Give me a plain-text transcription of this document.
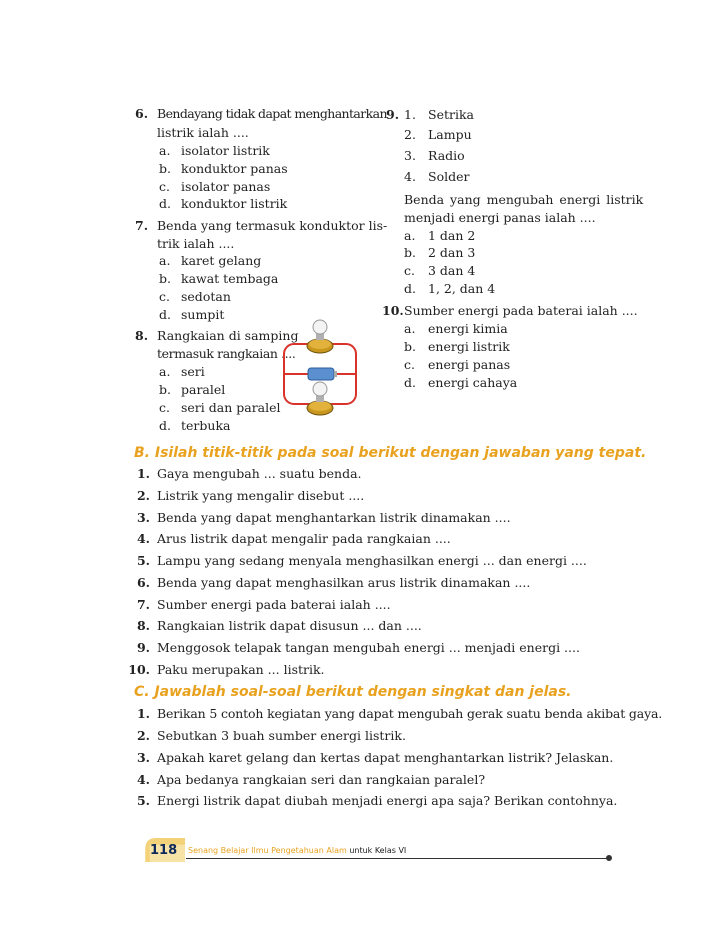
6. Bendayang tidak dapat menghantarkan
listrik ialah ....
a. isolator listrik
b. konduktor panas
c. isolator panas
d. konduktor listrik
7. Benda yang termasuk konduktor lis-
trik ialah ....
a. karet gelang
b. kawat tembaga
c. sedotan
d. sumpit
8. Rangkaian di samping
termasuk rangkaian ....
a. seri
b. paralel
c. seri dan paralel
d. terbuka
9. 1. Setrika
2. Lampu
3. Radio
4. Solder
Benda yang mengubah energi listrik
menjadi energi panas ialah ....
a. 1 dan 2
b. 2 dan 3
c. 3 dan 4
d. 1, 2, dan 4
10. Sumber energi pada baterai ialah ....
a. energi kimia
b. energi listrik
c. energi panas
d. energi cahaya
B. Isilah titik-titik pada soal berikut dengan jawaban yang tepat.
1. Gaya mengubah ... suatu benda.
2. Listrik yang mengalir disebut ....
3. Benda yang dapat menghantarkan listrik dinamakan ....
4. Arus listrik dapat mengalir pada rangkaian ....
5. Lampu yang sedang menyala menghasilkan energi ... dan energi ....
6. Benda yang dapat menghasilkan arus listrik dinamakan ....
7. Sumber energi pada baterai ialah ....
8. Rangkaian listrik dapat disusun ... dan ....
9. Menggosok telapak tangan mengubah energi ... menjadi energi ....
10. Paku merupakan ... listrik.
C. Jawablah soal-soal berikut dengan singkat dan jelas.
1. Berikan 5 contoh kegiatan yang dapat mengubah gerak suatu benda akibat gaya.
2. Sebutkan 3 buah sumber energi listrik.
3. Apakah karet gelang dan kertas dapat menghantarkan listrik? Jelaskan.
4. Apa bedanya rangkaian seri dan rangkaian paralel?
5. Energi listrik dapat diubah menjadi energi apa saja? Berikan contohnya.
118 Senang Belajar Ilmu Pengetahuan Alam untuk Kelas VI
